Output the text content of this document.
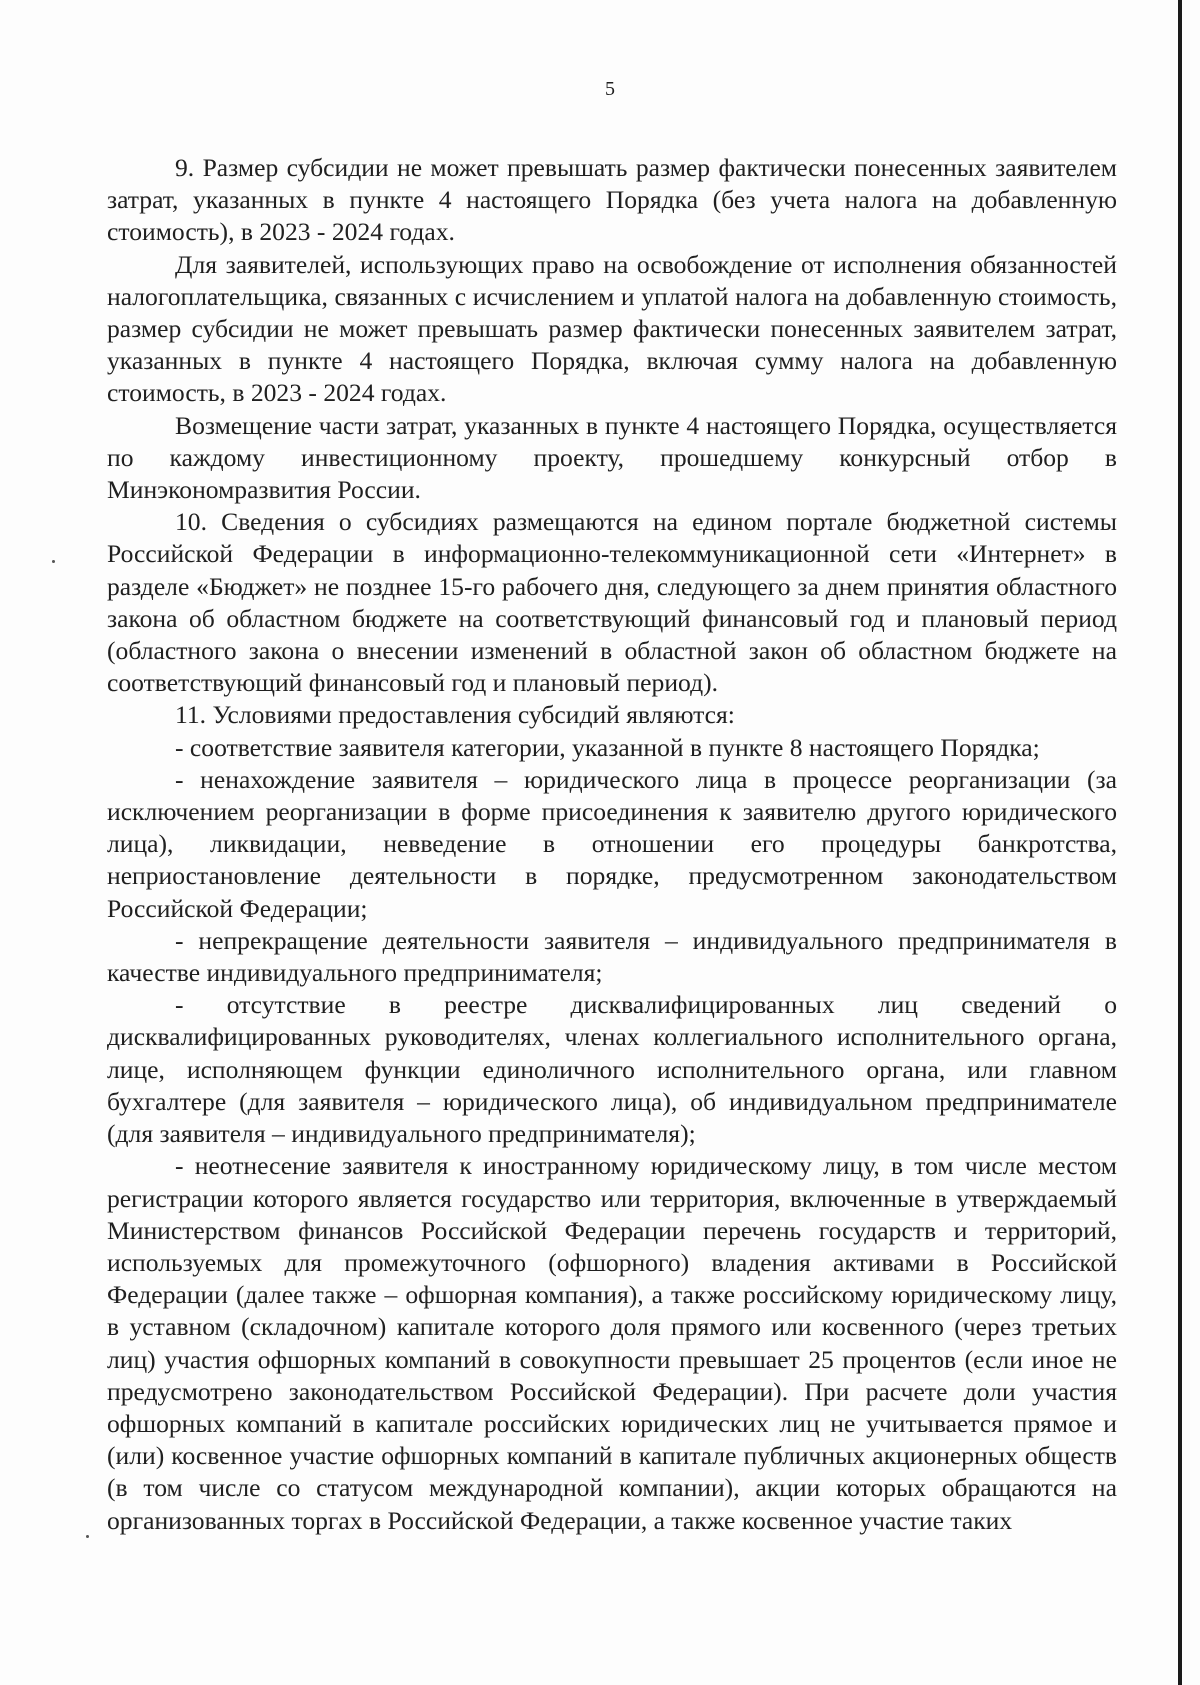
5

9. Размер субсидии не может превышать размер фактически понесенных заявителем затрат, указанных в пункте 4 настоящего Порядка (без учета налога на добавленную стоимость), в 2023 - 2024 годах.

Для заявителей, использующих право на освобождение от исполнения обязанностей налогоплательщика, связанных с исчислением и уплатой налога на добавленную стоимость, размер субсидии не может превышать размер фактически понесенных заявителем затрат, указанных в пункте 4 настоящего Порядка, включая сумму налога на добавленную стоимость, в 2023 - 2024 годах.

Возмещение части затрат, указанных в пункте 4 настоящего Порядка, осуществляется по каждому инвестиционному проекту, прошедшему конкурсный отбор в Минэкономразвития России.

10. Сведения о субсидиях размещаются на едином портале бюджетной системы Российской Федерации в информационно-телекоммуникационной сети «Интернет» в разделе «Бюджет» не позднее 15-го рабочего дня, следующего за днем принятия областного закона об областном бюджете на соответствующий финансовый год и плановый период (областного закона о внесении изменений в областной закон об областном бюджете на соответствующий финансовый год и плановый период).

11. Условиями предоставления субсидий являются:

- соответствие заявителя категории, указанной в пункте 8 настоящего Порядка;

- ненахождение заявителя – юридического лица в процессе реорганизации (за исключением реорганизации в форме присоединения к заявителю другого юридического лица), ликвидации, невведение в отношении его процедуры банкротства, неприостановление деятельности в порядке, предусмотренном законодательством Российской Федерации;

- непрекращение деятельности заявителя – индивидуального предпринимателя в качестве индивидуального предпринимателя;

- отсутствие в реестре дисквалифицированных лиц сведений о дисквалифицированных руководителях, членах коллегиального исполнительного органа, лице, исполняющем функции единоличного исполнительного органа, или главном бухгалтере (для заявителя – юридического лица), об индивидуальном предпринимателе (для заявителя – индивидуального предпринимателя);

- неотнесение заявителя к иностранному юридическому лицу, в том числе местом регистрации которого является государство или территория, включенные в утверждаемый Министерством финансов Российской Федерации перечень государств и территорий, используемых для промежуточного (офшорного) владения активами в Российской Федерации (далее также – офшорная компания), а также российскому юридическому лицу, в уставном (складочном) капитале которого доля прямого или косвенного (через третьих лиц) участия офшорных компаний в совокупности превышает 25 процентов (если иное не предусмотрено законодательством Российской Федерации). При расчете доли участия офшорных компаний в капитале российских юридических лиц не учитывается прямое и (или) косвенное участие офшорных компаний в капитале публичных акционерных обществ (в том числе со статусом международной компании), акции которых обращаются на организованных торгах в Российской Федерации, а также косвенное участие таких
